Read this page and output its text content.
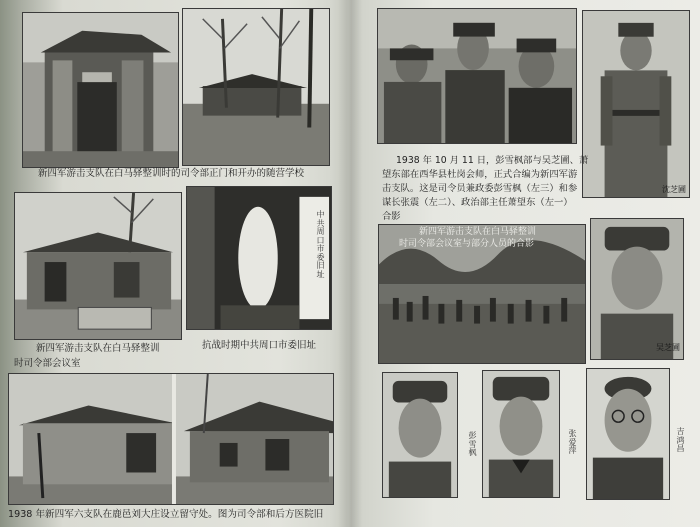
新四军游击支队在白马驿整训时的司令部正门和开办的随营学校
中共周口市委旧址
新四军游击支队在白马驿整训	抗战时期中共周口市委旧址
时司令部会议室
1938 年新四军六支队在鹿邑刘大庄设立留守处。图为司令部和后方医院旧
沈芝圃
1938 年 10 月 11 日，彭雪枫部与吴芝圃、萧
望东部在西华县杜岗会师，正式合编为新四军游
击支队。这是司令员兼政委彭雪枫（左三）和参
谋长张震（左二）、政治部主任萧望东（左一）
合影
新四军游击支队在白马驿整训
时司令部会议室与部分人员的合影
吴芝圃
彭雪枫
张爱萍
吉鸿昌
